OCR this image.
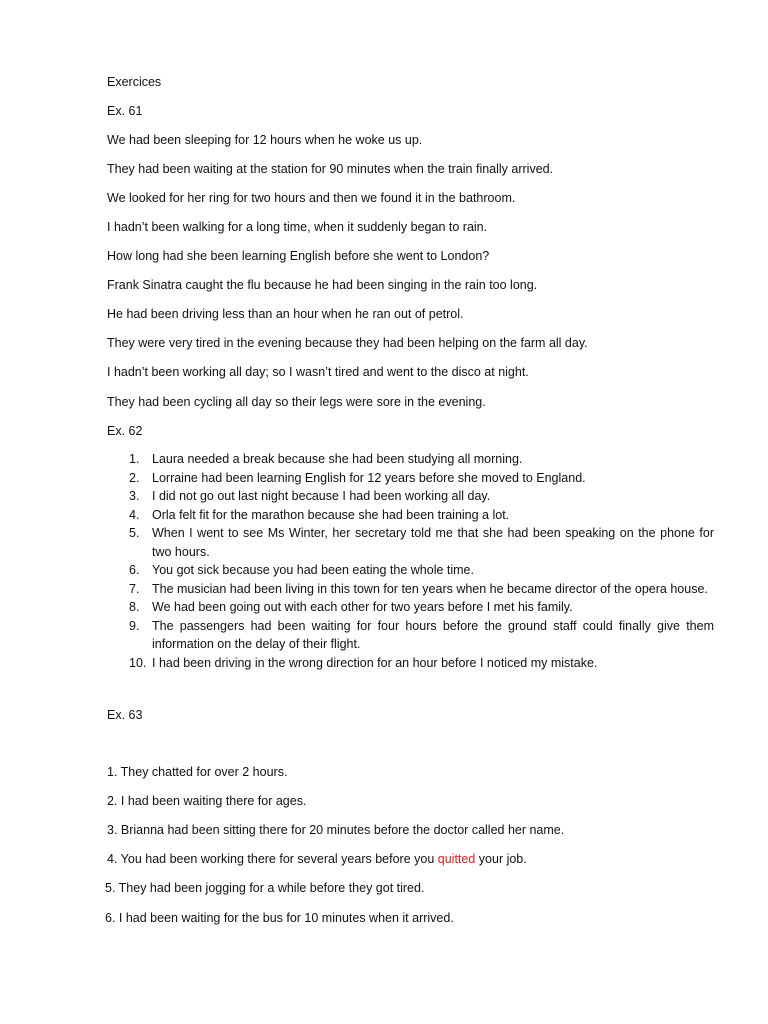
Exercices
Ex. 61
We had been sleeping for 12 hours when he woke us up.
They had been waiting at the station for 90 minutes when the train finally arrived.
We looked for her ring for two hours and then we found it in the bathroom.
I hadn’t been walking for a long time, when it suddenly began to rain.
How long had she been learning English before she went to London?
Frank Sinatra caught the flu because he had been singing in the rain too long.
He had been driving less than an hour when he ran out of petrol.
They were very tired in the evening because they had been helping on the farm all day.
I hadn’t been working all day; so I wasn’t tired and went to the disco at night.
They had been cycling all day so their legs were sore in the evening.
Ex. 62
1.	Laura needed a break because she had been studying all morning.
2.	Lorraine had been learning English for 12 years before she moved to England.
3.	I did not go out last night because I had been working all day.
4.	Orla felt fit for the marathon because she had been training a lot.
5.	When I went to see Ms Winter, her secretary told me that she had been speaking on the phone for two hours.
6.	You got sick because you had been eating the whole time.
7.	The musician had been living in this town for ten years when he became director of the opera house.
8.	We had been going out with each other for two years before I met his family.
9.	The passengers had been waiting for four hours before the ground staff could finally give them information on the delay of their flight.
10. I had been driving in the wrong direction for an hour before I noticed my mistake.
Ex. 63
1. They chatted for over 2 hours.
2. I had been waiting there for ages.
3. Brianna had been sitting there for 20 minutes before the doctor called her name.
4. You had been working there for several years before you quitted your job.
5. They had been jogging for a while before they got tired.
6. I had been waiting for the bus for 10 minutes when it arrived.
